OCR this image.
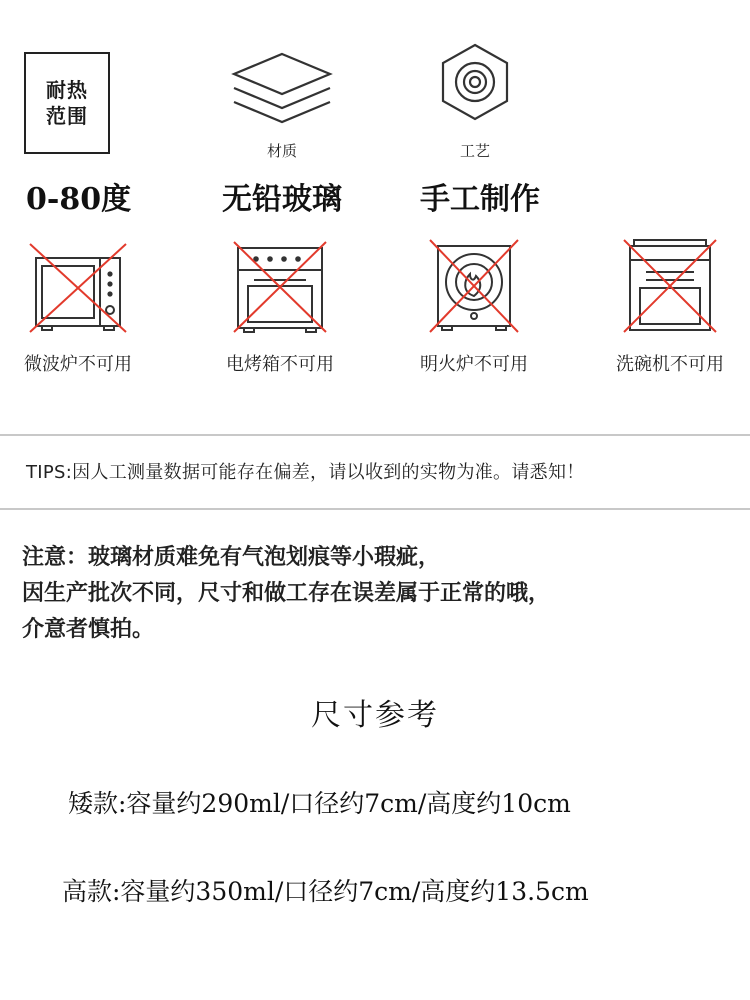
耐热
范围
材质	工艺
0-80度	无铅玻璃	手工制作
微波炉不可用	电烤箱不可用	明火炉不可用	洗碗机不可用
TIPS:因人工测量数据可能存在偏差，请以收到的实物为准。请悉知！
注意：玻璃材质难免有气泡划痕等小瑕疵，
因生产批次不同，尺寸和做工存在误差属于正常的哦，
介意者慎拍。
尺寸参考
矮款:容量约290ml/口径约7cm/高度约10cm
高款:容量约350ml/口径约7cm/高度约13.5cm
